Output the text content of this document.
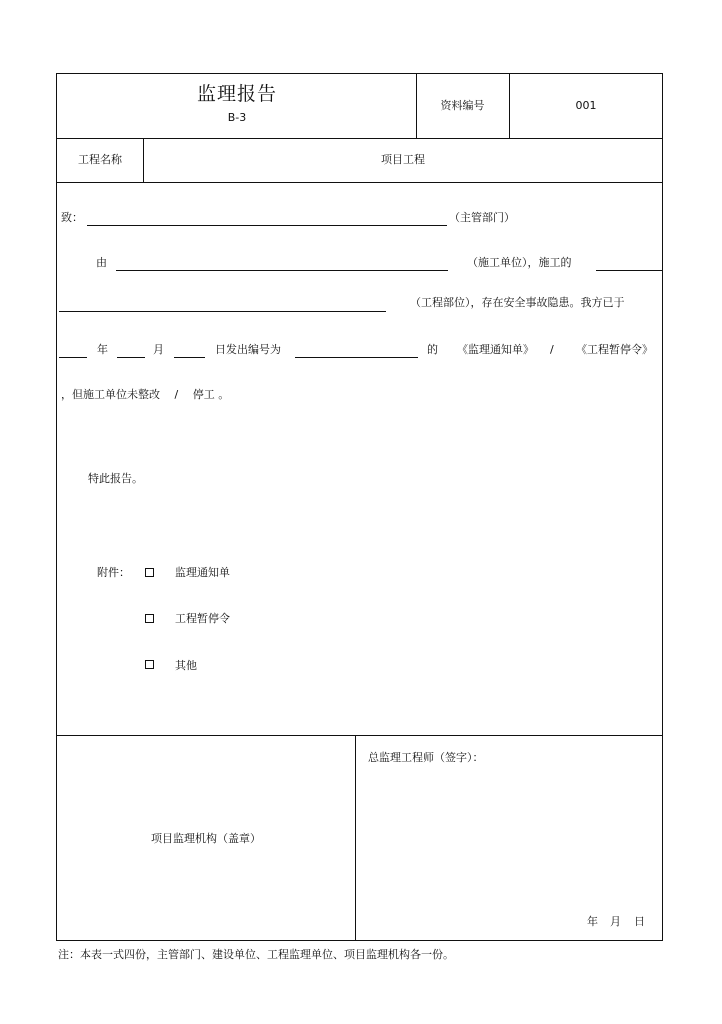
监理报告
B-3
资料编号	001
工程名称	项目工程
致：	（主管部门）
由	（施工单位），施工的
（工程部位），存在安全事故隐患。我方已于
年	月	日发出编号为	的 《监理通知单》 / 《工程暂停令》
，但施工单位未整改　 /　 停工 。
特此报告。
附件：	监理通知单
工程暂停令
其他
项目监理机构（盖章）
总监理工程师（签字）：
年 月 日
注：本表一式四份，主管部门、建设单位、工程监理单位、项目监理机构各一份。
